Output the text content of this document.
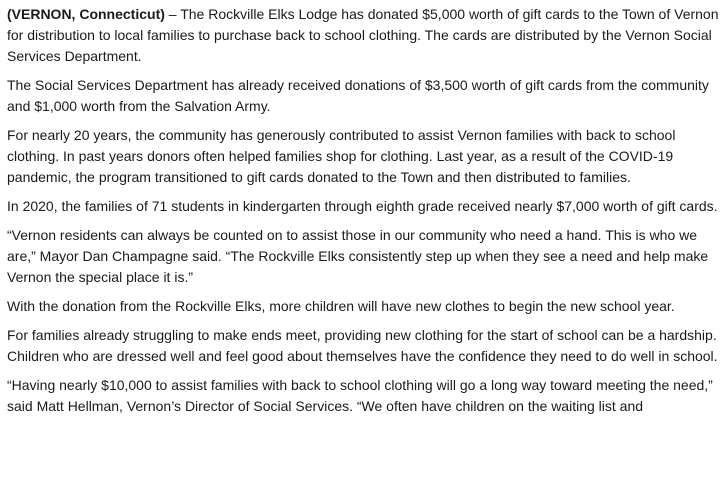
(VERNON, Connecticut) – The Rockville Elks Lodge has donated $5,000 worth of gift cards to the Town of Vernon for distribution to local families to purchase back to school clothing. The cards are distributed by the Vernon Social Services Department.

The Social Services Department has already received donations of $3,500 worth of gift cards from the community and $1,000 worth from the Salvation Army.

For nearly 20 years, the community has generously contributed to assist Vernon families with back to school clothing. In past years donors often helped families shop for clothing. Last year, as a result of the COVID-19 pandemic, the program transitioned to gift cards donated to the Town and then distributed to families.

In 2020, the families of 71 students in kindergarten through eighth grade received nearly $7,000 worth of gift cards.

“Vernon residents can always be counted on to assist those in our community who need a hand. This is who we are,” Mayor Dan Champagne said. “The Rockville Elks consistently step up when they see a need and help make Vernon the special place it is.”

With the donation from the Rockville Elks, more children will have new clothes to begin the new school year.

For families already struggling to make ends meet, providing new clothing for the start of school can be a hardship. Children who are dressed well and feel good about themselves have the confidence they need to do well in school.

“Having nearly $10,000 to assist families with back to school clothing will go a long way toward meeting the need,” said Matt Hellman, Vernon’s Director of Social Services. “We often have children on the waiting list and
